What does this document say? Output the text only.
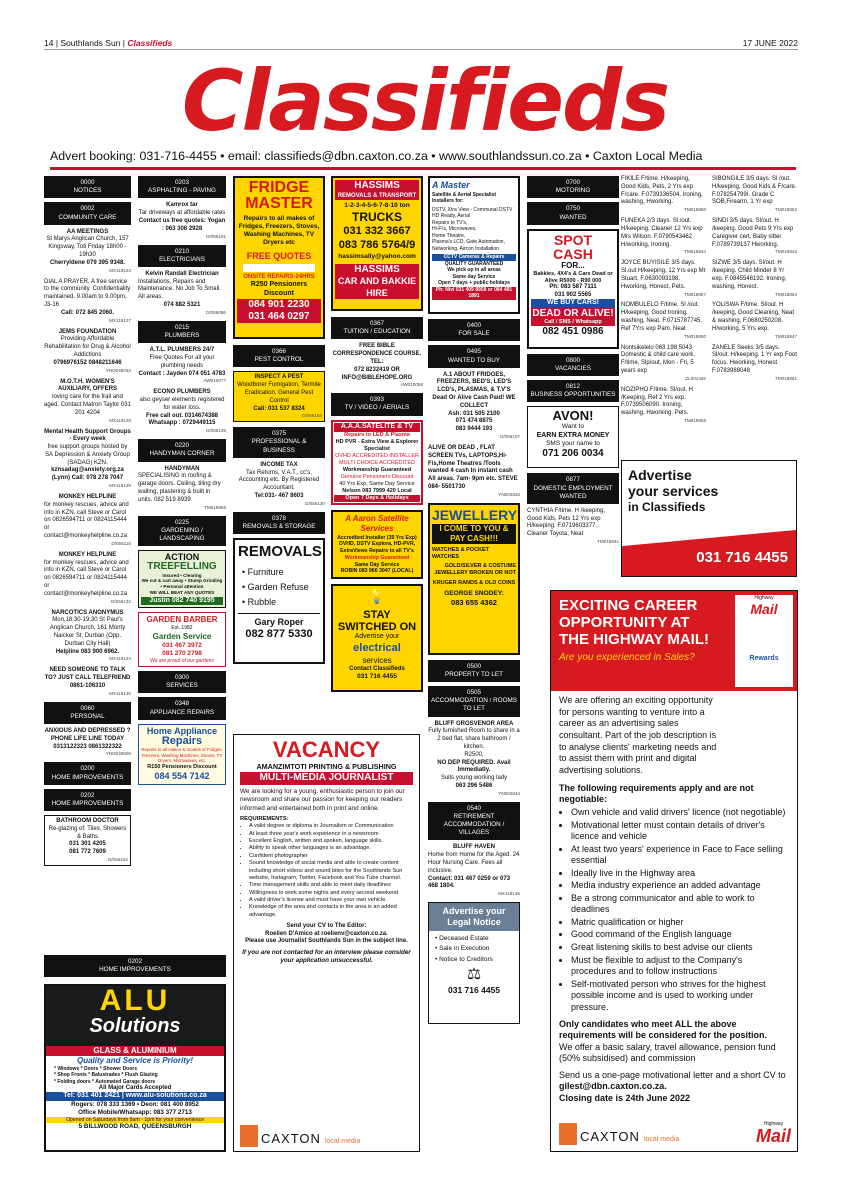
14 | Southlands Sun | Classifieds	17 JUNE 2022
Classifieds
Advert booking: 031-716-4455 • email: classifieds@dbn.caxton.co.za • www.southlandssun.co.za • Caxton Local Media
0000
NOTICES
0002
COMMUNITY CARE
AA MEETINGS
St Marys Anglican Church, 157 Kingsway, Toti Friday 18h00 - 19h30
Cherryldene 079 395 9348.
MX119123
DIAL A PRAYER. A free service to the community. Confidentiality maintained. 9.00am to 9.00pm, J3-16
Call: 072 845 2060.
MX119127
JEMS FOUNDATION
Providing Affordable Rehabilitation for Drug & Alcohol Addictions
0796976152 0848211646
YNO048033
M.O.T.H. WOMEN'S AUXILIARY, OFFERS
loving care for the frail and aged. Contact Matron Taylor 031 201 4204
MX119128
Mental Health Support Groups - Every week
free support groups hosted by SA Depression & Anxiety Group (SADAG) KZN.
kznsadag@anxiety.org.za (Lynn) Call: 078 278 7047
MX119129
MONKEY HELPLINE
for monkey rescues, advice and info in KZN, call Steve or Carol on 0826594711 or 0824115444 or contact@monkeyhelpline.co.za
D/056116
MONKEY HELPLINE
for monkey rescues, advice and info in KZN, call Steve or Carol on 0826594711 or 0824115444 or contact@monkeyhelpline.co.za
D/056132
NARCOTICS ANONYMUS
Mon,18:30-19:30 St Paul's Anglican Church, 161 Monty Naicker St, Durban (Opp. Durban City Hall)
Helpline 083 900 6962.
MX119124
NEED SOMEONE TO TALK TO? JUST CALL TELEFRIEND
0861-106310
MX119130
0060
PERSONAL
ANXIOUS AND DEPRESSED ?PHONE LIFE LINE TODAY
0313122323 0861322322
YNO048606
0200
HOME IMPROVEMENTS
0202
HOME IMPROVEMENTS
BATHROOM DOCTOR
Re-glazing of: Tiles, Showers & Baths
031 301 4205
081 772 7609
D/056152
0203
ASPHALTING - PAVING
Kamrox tar
Tar driveways at affordable rates
Contact us free quotes: Yogan : 063 306 2928
D/056191
0210
ELECTRICIANS
Kelvin Randall Electrician
Installations, Repairs and Maintenance. No Job To Small. All areas.
074 882 5321
D/056086
0215
PLUMBERS
A.T.L. PLUMBERS 24/7
Free Quotes For all your plumbing needs
Contact : Jayden 074 051 4783
AW010077
ECONO PLUMBERS
also geyser elements registered for water loss.
Free call out. 0314674388 Whatsapp : 0729449115
D/056125
0220
HANDYMAN CORNER
HANDYMAN
SPECIALISING in roofing & garage doors. Ceiling, tiling dry walling, plastering & built in units. 082 519 8939
TM018855
0225
GARDENING /
LANDSCAPING
ACTION
TREEFELLING
Insured • Clearing
We cut & cart away • Stump Grinding • Personal attention
WE WILL BEAT ANY QUOTES
Justin 082 740 9195
GARDEN BARBER
Est. 1982
Garden Service
031 467 3972
081 270 2798
We are proud of our gardens
0300
SERVICES
0348
APPLIANCE REPAIRS
Home Appliance
Repairs
Repairs to all makes & models of Fridges, Freezers, Washing Machines, Stoves, TV Dryers, Microwaves, etc.
R150 Pensioners Discount
084 554 7142
0202
HOME IMPROVEMENTS
ALU
Solutions
GLASS & ALUMINIUM
Quality and Service is Priority!
* Windows * Doors * Shower Doors
* Shop Fronts * Balustrades * Flush Glazing
* Folding doors * Automated Garage doors
All Major Cards Accepted
Tel: 031 401 2421 | www.alu-solutions.co.za
Rogers: 078 333 1369 • Deon: 081 400 8952
Office Mobile/Whatsapp: 083 377 2713
Opened on Saturdays from 8am - 1pm for your convenience
5 BILLWOOD ROAD, QUEENSBURGH
FRIDGE
MASTER
Repairs to all makes of Fridges, Freezers, Stoves, Washing Machines, TV Dryers etc
FREE QUOTES
ONSITE REPAIRS-24HRS
R250 Pensioners Discount
084 901 2230
031 464 0297
0366
PEST CONTROL
INSPECT A PEST
Woodborer Fumigation, Termite Eradication, General Pest Control
Call: 031 537 8324
D/056184
0375
PROFESSIONAL & BUSINESS
INCOME TAX
Tax Returns, V.A.T., cc's, Accounting etc. By Registered Accountant.
Tel:031- 467 8603
D/056130
0378
REMOVALS & STORAGE
REMOVALS
• Furniture
• Garden Refuse
• Rubble
Gary Roper
082 877 5330
VACANCY
AMANZIMTOTI PRINTING & PUBLISHING
MULTI-MEDIA JOURNALIST
We are looking for a young, enthusiastic person to join our newsroom and share our passion for keeping our readers informed and entertained both in print and online.
REQUIREMENTS:
• A valid degree or diploma in Journalism or Communication
• At least three year's work experience in a newsroom
• Excellent English, written and spoken, language skills.
• Ability to speak other languages is an advantage.
• Confident photographer
• Sound knowledge of social media and able to create content including short videos and sound bites for the Southlands Sun website, Instagram, Twitter, Facebook and You Tube channel.
• Time management skills and able to meet daily deadlines
• Willingness to work some nights and every second weekend
• A valid driver's license and must have your own vehicle.
• Knowledge of the area and contacts in the area is an added advantage.
Send your CV to The Editor:
Roelien D'Amico at roelienv@caxton.co.za.
Please use Journalist Southlands Sun in the subject line.
If you are not contacted for an interview please consider your application unsuccessful.
CAXTON local media
HASSIMS
REMOVALS & TRANSPORT
1-2-3-4-5-6-7-8-10 ton
TRUCKS
031 332 3667
083 786 5764/9
hassimsally@yahoo.com
HASSIMS
CAR AND BAKKIE HIRE
0367
TUITION / EDUCATION
FREE BIBLE CORRESPONDENCE COURSE. TEL:
072 8232419 OR INFO@BIBLEHOPE.ORG
AW010058
0393
TV / VIDEO / AERIALS
A.A.A.SATELITE & TV
Repairs to LED & Plasma
HD PVR - Extra View & Explorer Specialist
OVHD ACCREDITED INSTALLER
MULTI CHOICE ACCREDITED
Workmanship Guaranteed
Genuine Pensioners Discount
40 Yrs Exp, Same Day Service
Nelson 083 7999 420 Local
Open 7 Days & Holidays
A Aaron Satellite Services
Accredited Installer (35 Yrs Exp) OVHD, DSTV Explora, HD-PVR, ExtraViews Repairs to all TV's
Workmanship Guaranteed
Same Day Service
ROBIN 083 966 3047 (LOCAL)
💡
STAY
SWITCHED ON
Advertise your
electrical
services
Contact Classifieds
031 716 4455
A Master
Satellite & Aerial Specialist Installers for:
DSTV, Xtra View - Communal DSTV
HD Ready, Aerial
Repairs to TV's,
Hi-Fi's, Microwaves,
Home Theatre,
Plasma's LCD, Gate Automation,
Networking, Aircon Installation
CCTV Cameras & Repairs
QUALITY GUARANTEED
We pick up in all areas
Same day Service
Open 7 days + public holidays
Ph: Nivi 031 409 8958 or 084 481 1891
0400
FOR SALE
0495
WANTED TO BUY
A.1 ABOUT FRIDGES, FREEZERS, BED'S, LED'S LCD's, PLASMAS, & T.V'S
Dead Or Alive Cash Paid! WE COLLECT
Ash: 031 505 2100
071 474 8875
083 9444 193
D/056107
ALIVE OR DEAD , FLAT SCREEN TVs, LAPTOPS,Hi-Fis,Home Theatres /Tools wanted 4 cash In instant cash All areas. 7am- 9pm etc. STEVE 084- 5501730
YN004833
JEWELLERY
I COME TO YOU & PAY CASH!!!
WATCHES & POCKET WATCHES
GOLD/SILVER & COSTUME JEWELLERY BROKEN OR NOT
KRUGER RANDS & OLD COINS
GEORGE SNODEY:
083 655 4362
0500
PROPERTY TO LET
0505
ACCOMMODATION / ROOMS TO LET
BLUFF GROSVENOR AREA
Fully furnished Room to share in a 2 bed flat, share bathroom / kitchen.
R2500,
NO DEP REQUIRED. Avail Immediatly.
Suits young working lady
063 296 5486
YN004844
0540
RETIREMENT ACCOMMODATION / VILLAGES
BLUFF HAVEN
Home from Home for the Aged. 24 Hour Nursing Care. Fees all inclusive.
Contact: 031 467 0259 or 073 468 1804.
MX119135
Advertise your Legal Notice
• Deceased Estate
• Sale in Execution
• Notice to Creditors
⚖
031 716 4455
0700
MOTORING
0750
WANTED
SPOT
CASH
FOR...
Bakkies, 4X4's & Cars Dead or Alive R5000 - R90 000
Ph: 083 587 7111
031 902 5565
WE BUY CARS!
DEAD OR ALIVE!
Call / SMS / Whatsapp
082 451 0986
0800
VACANCIES
0812
BUSINESS OPPORTUNITIES
AVON!
Want to
EARN EXTRA MONEY
SMS your name to
071 206 0034
0877
DOMESTIC EMPLOYMENT WANTED
CYNTHIA F/time. H /keeping, Good Kids, Pets 12 Yrs exp H/keeping. F.0719603377. Cleaner Toyota, Neat
TM018841
FIKILE F/time. H/keeping, Good Kids, Pets, 2 Yrs exp F/care. F.0739336504. Ironing, washing, Hworking.
TM018860
FUNEKA 2/3 days. Sl./out. H/keeping. Cleaner 12 Yrs exp Mrs Wilson. F.0790543462 H/working, Ironing.
TM018844
JOYCE BUYISILE 3/5 days. Sl.out H/keeping, 12 Yrs exp Mr Stuart. F.0630093198. Hworking, Honest, Pets.
TM018857
NOMBULELO F/time. Sl /out. H/keeping, Good Ironing, washing, Neat. F.0715787745. Ref 7Yrs exp Pam. Neat
TM018850
Nontsikelelo 063 198 5043 Domestic & child care work, F/time, Slp/out, Mon - Fri, 5 years exp
ZL001292
NOZIPHO F/time. Sl/out. H /Keeping, Ref 2 Yrs exp. F.0739506090. Ironing, washing, Hworking. Pets.
TM018858
SIBONGILE 3/5 days. Sl /out. H/keeping, Good Kids & F/care. F.078254799I. Grade C SOB,Firearm, 1 Yr exp
TM018862
SINDI 3/5 days. Sl/out. H /keeping. Good Pets 9 Yrs exp Caregiver cert, Baby sitter. F.0789739137 Hworking.
TM018842
SIZWE 3/5 days. Sl/out. H /keeping. Child Minder 8 Yr exp. F.0845546192. Ironing, washing, Honest.
TM018854
YOLISWA F/time. Sl/out. H /keeping, Good Cleaning, Neat & washing, F.0680250208. H/working, 5 Yrs exp.
TM018847
ZANELE Seeks 3/5 days. Sl/out. H/keeping. 1 Yr exp Foot focus. Hworking, Honest. F.0783988048
TM018861
Advertise
your services
in Classifieds
031 716 4455
EXCITING CAREER
OPPORTUNITY AT
THE HIGHWAY MAIL!
Are you experienced in Sales?
Highway
Mail
Rewards
We are offering an exciting opportunity for persons wanting to venture into a career as an advertising sales consultant. Part of the job description is to analyse clients' marketing needs and to assist them with print and digital advertising solutions.
The following requirements apply and are not negotiable:
• Own vehicle and valid drivers' licence (not negotiable)
• Motivational letter must contain details of driver's licence and vehicle
• At least two years' experience in Face to Face selling essential
• Ideally live in the Highway area
• Media industry experience an added advantage
• Be a strong communicator and able to work to deadlines
• Matric qualification or higher
• Good command of the English language
• Great listening skills to best advise our clients
• Must be flexible to adjust to the Company's procedures and to follow instructions
• Self-motivated person who strives for the highest possible income and is used to working under pressure.
Only candidates who meet ALL the above requirements will be considered for the position.
We offer a basic salary, travel allowance, pension fund (50% subsidised) and commission
Send us a one-page motivational letter and a short CV to
gilest@dbn.caxton.co.za.
Closing date is 24th June 2022
CAXTON local media
Highway
Mail
